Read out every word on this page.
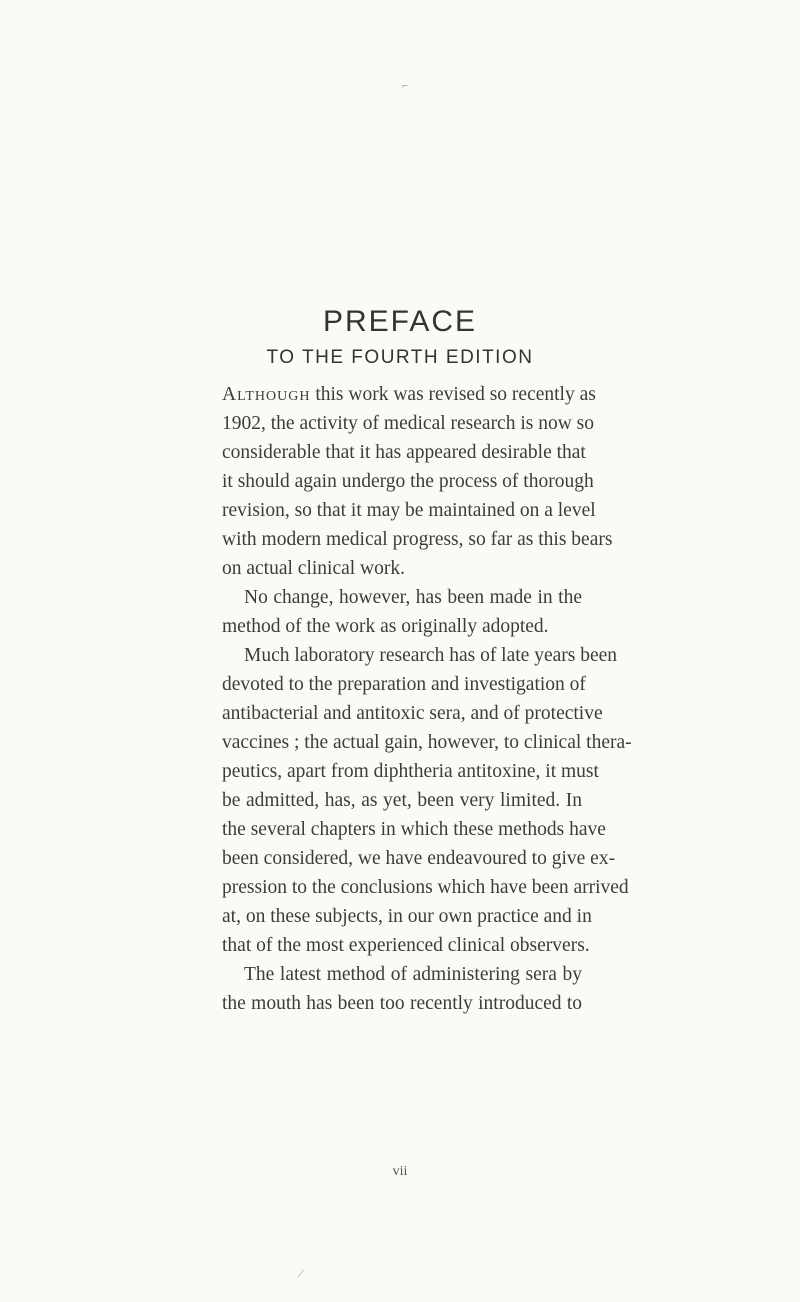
⌐
PREFACE
TO THE FOURTH EDITION
Although this work was revised so recently as
1902, the activity of medical research is now so
considerable that it has appeared desirable that
it should again undergo the process of thorough
revision, so that it may be maintained on a level
with modern medical progress, so far as this bears
on actual clinical work.
No change, however, has been made in the
method of the work as originally adopted.
Much laboratory research has of late years been
devoted to the preparation and investigation of
antibacterial and antitoxic sera, and of protective
vaccines ; the actual gain, however, to clinical thera-
peutics, apart from diphtheria antitoxine, it must
be admitted, has, as yet, been very limited. In
the several chapters in which these methods have
been considered, we have endeavoured to give ex-
pression to the conclusions which have been arrived
at, on these subjects, in our own practice and in
that of the most experienced clinical observers.
The latest method of administering sera by
the mouth has been too recently introduced to
vii
⁄
